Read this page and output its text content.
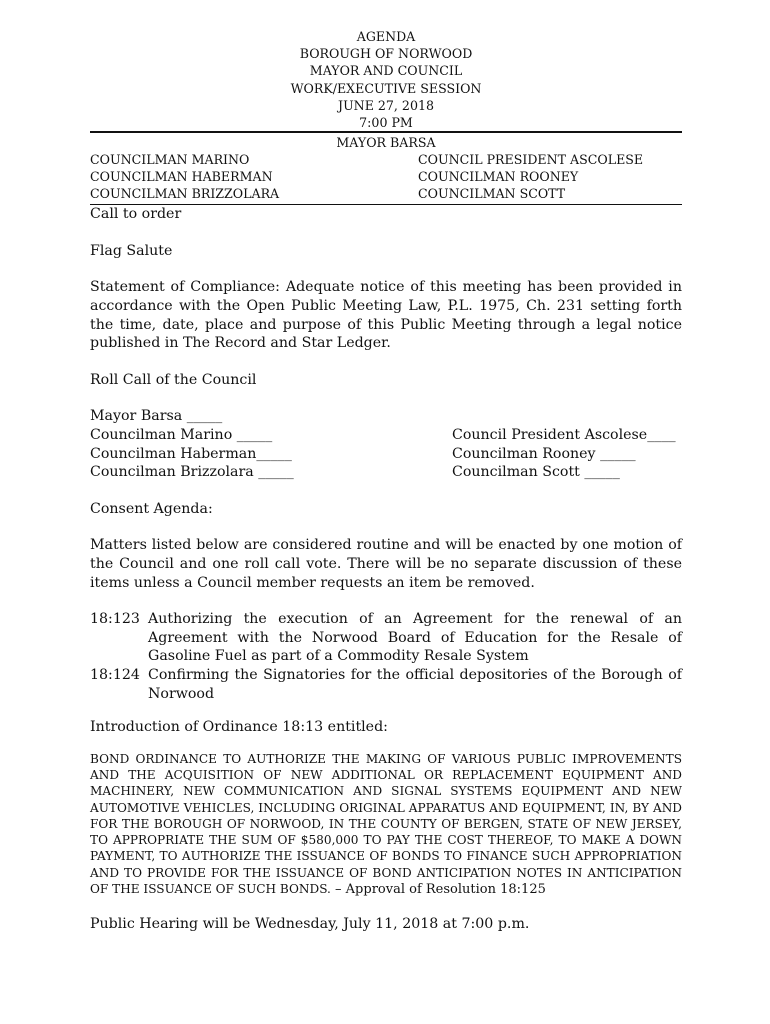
AGENDA
BOROUGH OF NORWOOD
MAYOR AND COUNCIL
WORK/EXECUTIVE SESSION
JUNE 27, 2018
7:00 PM
MAYOR BARSA
COUNCILMAN MARINO
COUNCILMAN HABERMAN
COUNCILMAN BRIZZOLARA
COUNCIL PRESIDENT ASCOLESE
COUNCILMAN ROONEY
COUNCILMAN SCOTT
Call to order
Flag Salute
Statement of Compliance: Adequate notice of this meeting has been provided in accordance with the Open Public Meeting Law, P.L. 1975, Ch. 231 setting forth the time, date, place and purpose of this Public Meeting through a legal notice published in The Record and Star Ledger.
Roll Call of the Council
Mayor Barsa _____
Councilman Marino _____
Councilman Haberman_____
Councilman Brizzolara _____
Council President Ascolese____
Councilman Rooney _____
Councilman Scott _____
Consent Agenda:
Matters listed below are considered routine and will be enacted by one motion of the Council and one roll call vote. There will be no separate discussion of these items unless a Council member requests an item be removed.
18:123 Authorizing the execution of an Agreement for the renewal of an Agreement with the Norwood Board of Education for the Resale of Gasoline Fuel as part of a Commodity Resale System
18:124 Confirming the Signatories for the official depositories of the Borough of Norwood
Introduction of Ordinance 18:13 entitled:
BOND ORDINANCE TO AUTHORIZE THE MAKING OF VARIOUS PUBLIC IMPROVEMENTS AND THE ACQUISITION OF NEW ADDITIONAL OR REPLACEMENT EQUIPMENT AND MACHINERY, NEW COMMUNICATION AND SIGNAL SYSTEMS EQUIPMENT AND NEW AUTOMOTIVE VEHICLES, INCLUDING ORIGINAL APPARATUS AND EQUIPMENT, IN, BY AND FOR THE BOROUGH OF NORWOOD, IN THE COUNTY OF BERGEN, STATE OF NEW JERSEY, TO APPROPRIATE THE SUM OF $580,000 TO PAY THE COST THEREOF, TO MAKE A DOWN PAYMENT, TO AUTHORIZE THE ISSUANCE OF BONDS TO FINANCE SUCH APPROPRIATION AND TO PROVIDE FOR THE ISSUANCE OF BOND ANTICIPATION NOTES IN ANTICIPATION OF THE ISSUANCE OF SUCH BONDS. – Approval of Resolution 18:125
Public Hearing will be Wednesday, July 11, 2018 at 7:00 p.m.
